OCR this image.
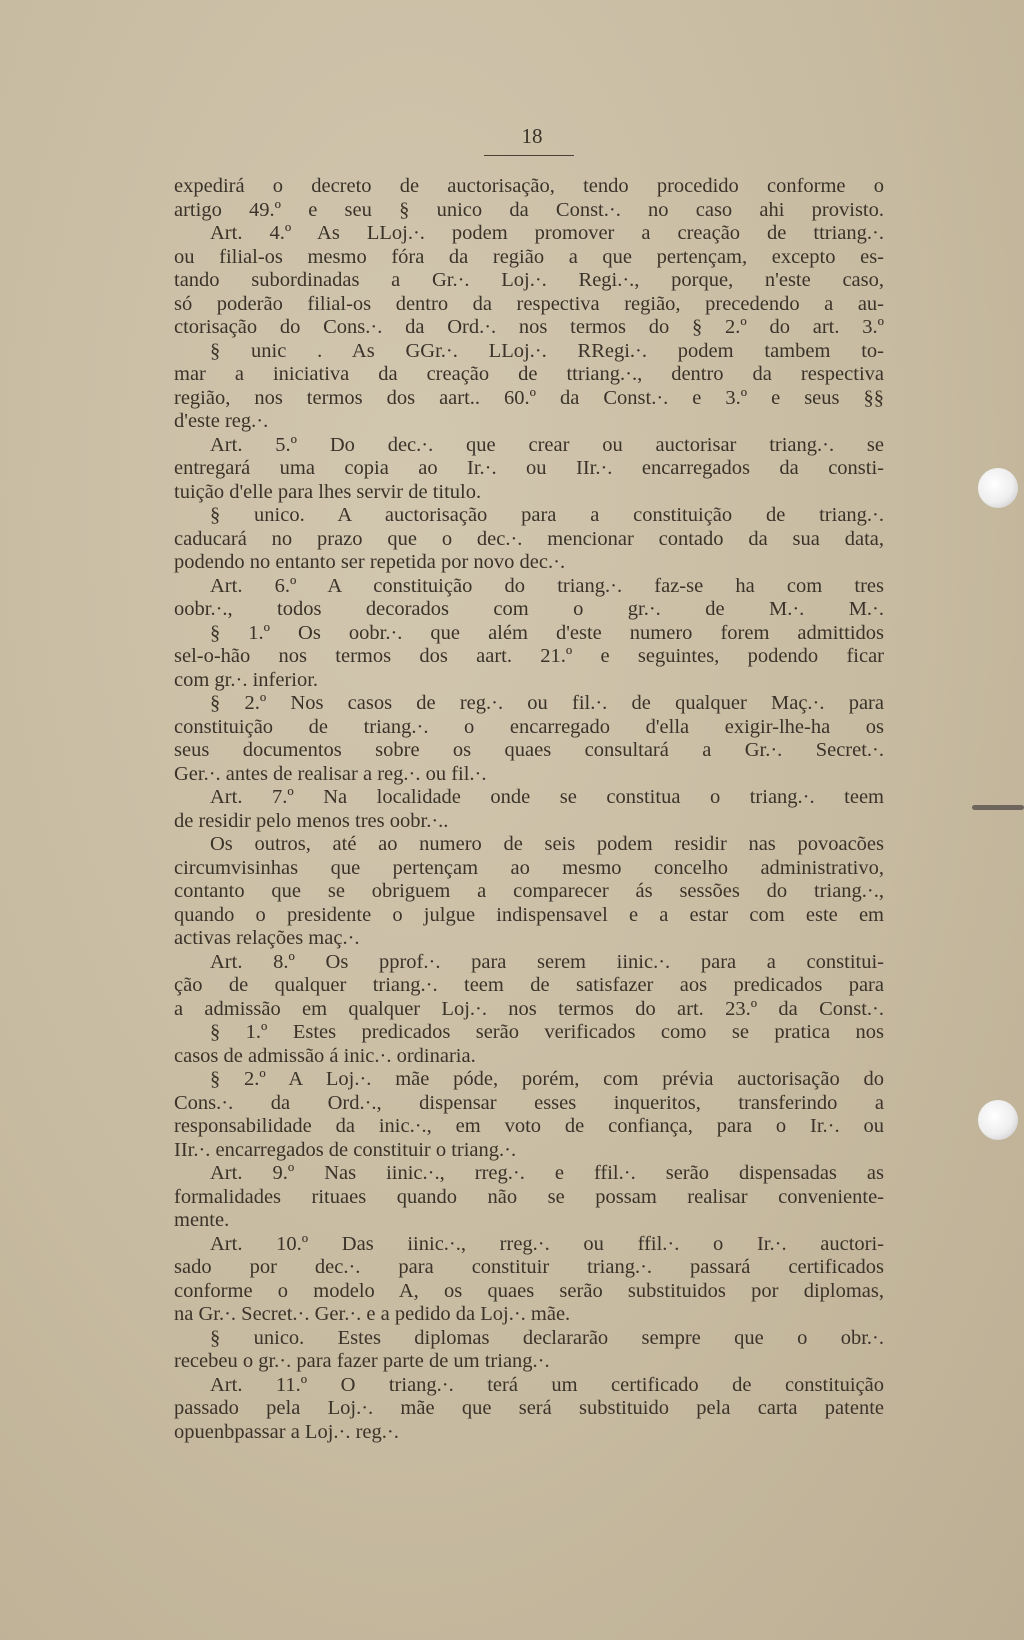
18
expedirá o decreto de auctorisação, tendo procedido conforme o
artigo 49.º e seu § unico da Const.·. no caso ahi provisto.
Art. 4.º As LLoj.·. podem promover a creação de ttriang.·.
ou filial-os mesmo fóra da região a que pertençam, excepto es-
tando subordinadas a Gr.·. Loj.·. Regi.·., porque, n'este caso,
só poderão filial-os dentro da respectiva região, precedendo a au-
ctorisação do Cons.·. da Ord.·. nos termos do § 2.º do art. 3.º
§ unic . As GGr.·. LLoj.·. RRegi.·. podem tambem to-
mar a iniciativa da creação de ttriang.·., dentro da respectiva
região, nos termos dos aart.. 60.º da Const.·. e 3.º e seus §§
d'este reg.·.
Art. 5.º Do dec.·. que crear ou auctorisar triang.·. se
entregará uma copia ao Ir.·. ou IIr.·. encarregados da consti-
tuição d'elle para lhes servir de titulo.
§ unico. A auctorisação para a constituição de triang.·.
caducará no prazo que o dec.·. mencionar contado da sua data,
podendo no entanto ser repetida por novo dec.·.
Art. 6.º A constituição do triang.·. faz-se ha com tres
oobr.·., todos decorados com o gr.·. de M.·. M.·.
§ 1.º Os oobr.·. que além d'este numero forem admittidos
sel-o-hão nos termos dos aart. 21.º e seguintes, podendo ficar
com gr.·. inferior.
§ 2.º Nos casos de reg.·. ou fil.·. de qualquer Maç.·. para
constituição de triang.·. o encarregado d'ella exigir-lhe-ha os
seus documentos sobre os quaes consultará a Gr.·. Secret.·.
Ger.·. antes de realisar a reg.·. ou fil.·.
Art. 7.º Na localidade onde se constitua o triang.·. teem
de residir pelo menos tres oobr.·..
Os outros, até ao numero de seis podem residir nas povoacões
circumvisinhas que pertençam ao mesmo concelho administrativo,
contanto que se obriguem a comparecer ás sessões do triang.·.,
quando o presidente o julgue indispensavel e a estar com este em
activas relações maç.·.
Art. 8.º Os pprof.·. para serem iinic.·. para a constitui-
ção de qualquer triang.·. teem de satisfazer aos predicados para
a admissão em qualquer Loj.·. nos termos do art. 23.º da Const.·.
§ 1.º Estes predicados serão verificados como se pratica nos
casos de admissão á inic.·. ordinaria.
§ 2.º A Loj.·. mãe póde, porém, com prévia auctorisação do
Cons.·. da Ord.·., dispensar esses inqueritos, transferindo a
responsabilidade da inic.·., em voto de confiança, para o Ir.·. ou
IIr.·. encarregados de constituir o triang.·.
Art. 9.º Nas iinic.·., rreg.·. e ffil.·. serão dispensadas as
formalidades rituaes quando não se possam realisar conveniente-
mente.
Art. 10.º Das iinic.·., rreg.·. ou ffil.·. o Ir.·. auctori-
sado por dec.·. para constituir triang.·. passará certificados
conforme o modelo A, os quaes serão substituidos por diplomas,
na Gr.·. Secret.·. Ger.·. e a pedido da Loj.·. mãe.
§ unico. Estes diplomas declararão sempre que o obr.·.
recebeu o gr.·. para fazer parte de um triang.·.
Art. 11.º O triang.·. terá um certificado de constituição
passado pela Loj.·. mãe que será substituido pela carta patente
opuenbpassar a Loj.·. reg.·.
